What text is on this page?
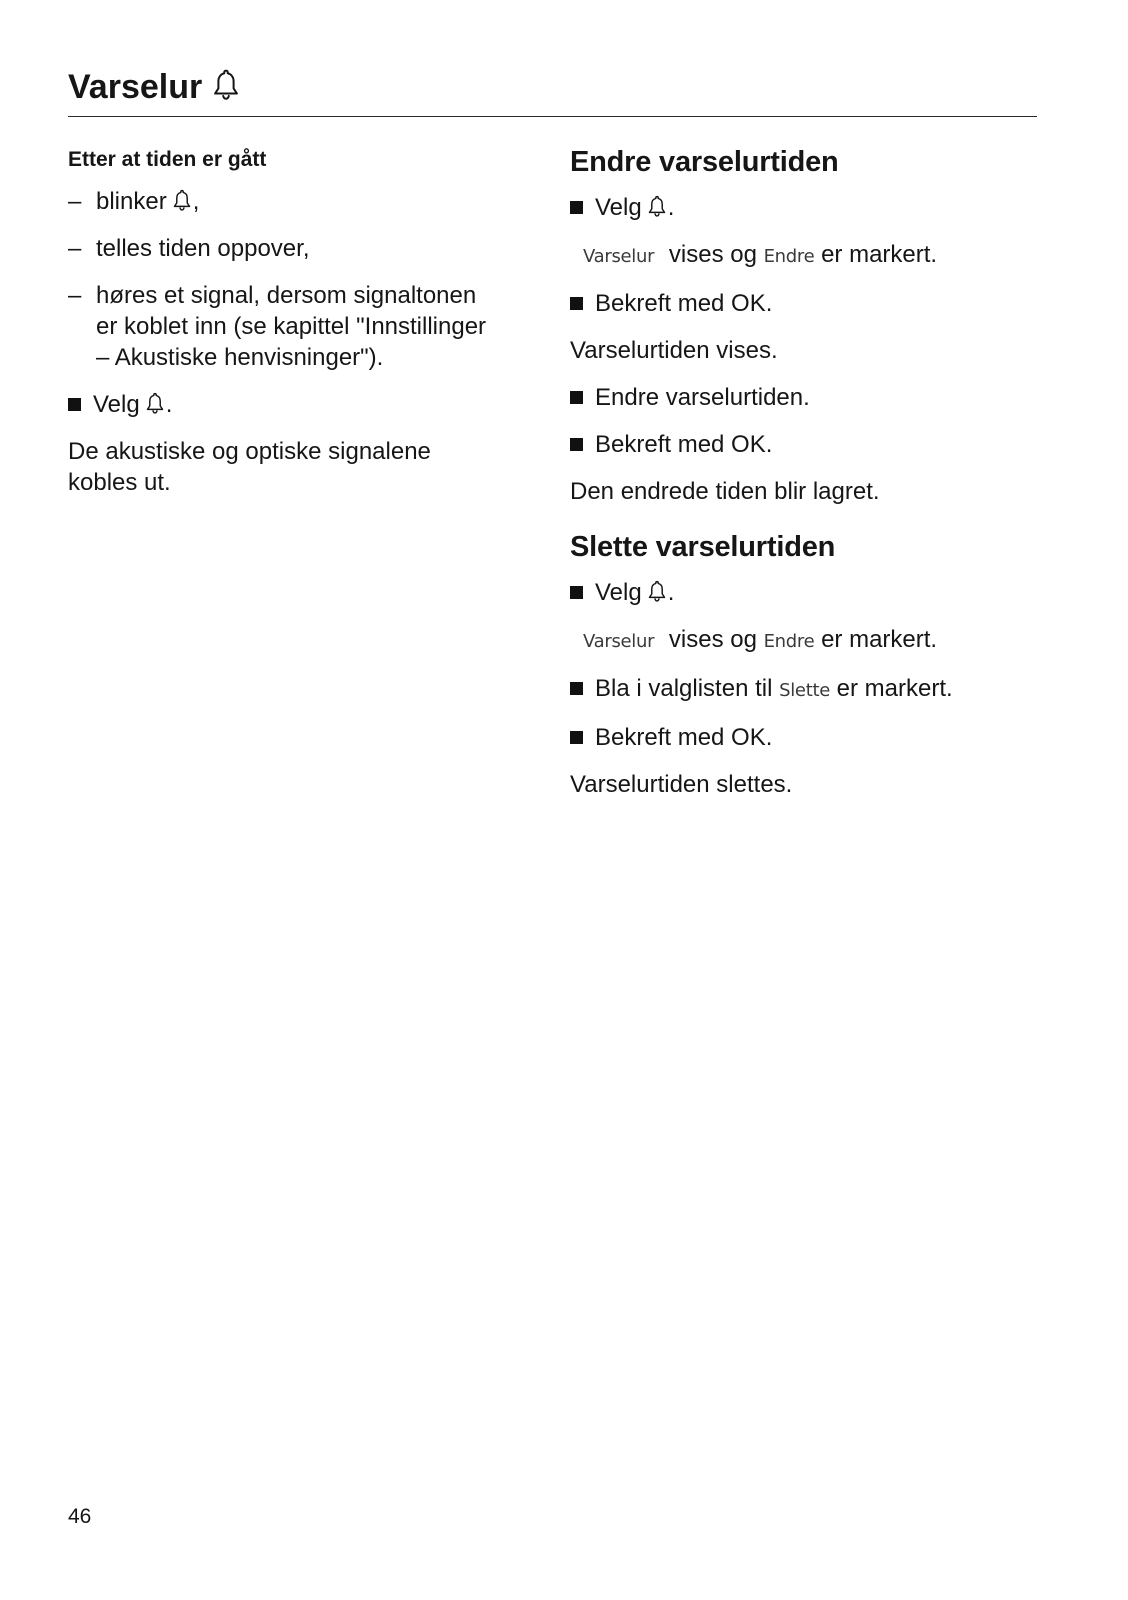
Varselur
Etter at tiden er gått
– blinker ,
– telles tiden oppover,
– høres et signal, dersom signaltonen
er koblet inn (se kapittel "Innstillinger
– Akustiske henvisninger").
Velg .
De akustiske og optiske signalene
kobles ut.
Endre varselurtiden
Velg .
Varselur vises og Endre er markert.
Bekreft med OK.
Varselurtiden vises.
Endre varselurtiden.
Bekreft med OK.
Den endrede tiden blir lagret.
Slette varselurtiden
Velg .
Varselur vises og Endre er markert.
Bla i valglisten til Slette er markert.
Bekreft med OK.
Varselurtiden slettes.
46
